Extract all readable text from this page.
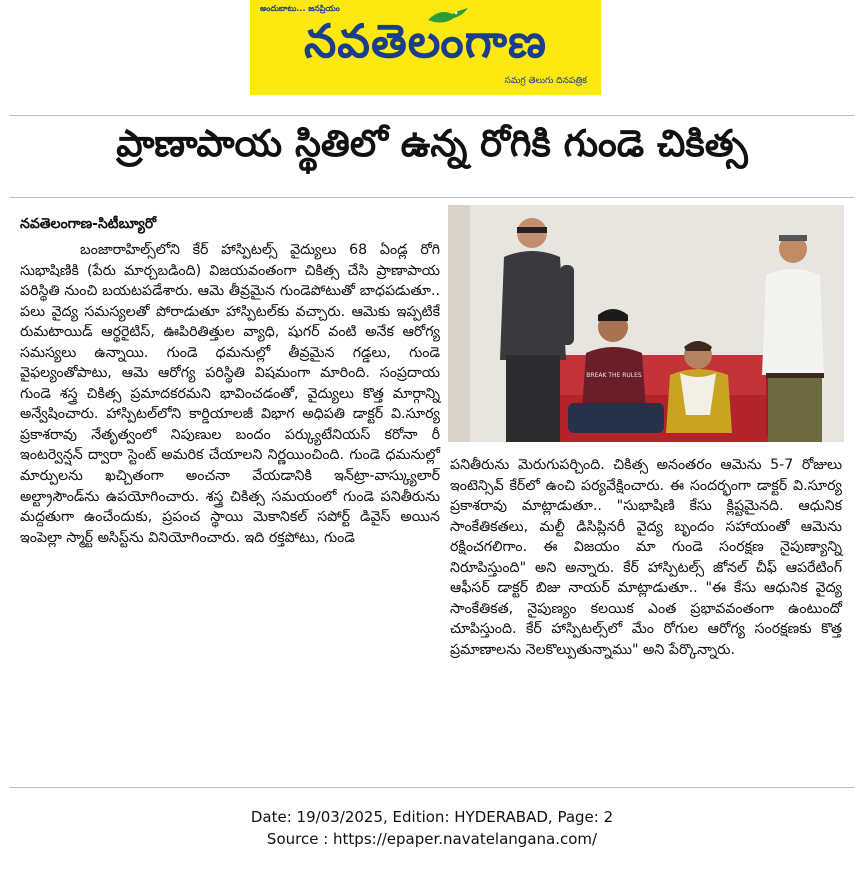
అందుబాటు... జనప్రియం
నవతెలంగాణ
సమగ్ర తెలుగు దినపత్రిక
ప్రాణాపాయ స్థితిలో ఉన్న రోగికి గుండె చికిత్స
నవతెలంగాణ-సిటీబ్యూరో

బంజారాహిల్స్‌లోని కేర్ హాస్పిటల్స్ వైద్యులు 68 ఏండ్ల రోగి సుభాషిణికి (పేరు మార్చబడింది) విజయవంతంగా చికిత్స చేసి ప్రాణాపాయ పరిస్థితి నుంచి బయటపడేశారు. ఆమె తీవ్రమైన గుండెపోటుతో బాధపడుతూ.. పలు వైద్య సమస్యలతో పోరాడుతూ హాస్పిటల్‌కు వచ్చారు. ఆమెకు ఇప్పటికే రుమటాయిడ్ ఆర్థరైటిస్, ఊపిరితిత్తుల వ్యాధి, షుగర్ వంటి అనేక ఆరోగ్య సమస్యలు ఉన్నాయి. గుండె ధమనుల్లో తీవ్రమైన గడ్డలు, గుండె వైఫల్యంతోపాటు, ఆమె ఆరోగ్య పరిస్థితి విషమంగా మారింది. సంప్రదాయ గుండె శస్త్ర చికిత్స ప్రమాదకరమని భావించడంతో, వైద్యులు కొత్త మార్గాన్ని అన్వేషించారు. హాస్పిటల్‌లోని కార్డియాలజీ విభాగ అధిపతి డాక్టర్ వి.సూర్య ప్రకాశరావు నేతృత్వంలో నిపుణుల బందం పర్క్యుటేనియస్ కరోనా రీ ఇంటర్వెన్షన్ ద్వారా స్టెంట్ అమరిక చేయాలని నిర్ణయించింది. గుండె ధమనుల్లో మార్పులను ఖచ్చితంగా అంచనా వేయడానికి ఇన్‌ట్రా-వాస్క్యులార్ అల్ట్రాసౌండ్‌ను ఉపయోగించారు. శస్త్ర చికిత్స సమయంలో గుండె పనితీరును మద్దతుగా ఉంచేందుకు, ప్రపంచ స్థాయి మెకానికల్ సపోర్ట్ డివైస్ అయిన ఇంపెల్లా స్మార్ట్ అసిస్ట్‌ను వినియోగించారు. ఇది రక్తపోటు, గుండె

BREAK THE RULES

పనితీరును మెరుగుపర్చింది. చికిత్స అనంతరం ఆమెను 5-7 రోజులు ఇంటెన్సివ్ కేర్‌లో ఉంచి పర్యవేక్షించారు. ఈ సందర్భంగా డాక్టర్ వి.సూర్య ప్రకాశరావు మాట్లాడుతూ.. "సుభాషిణి కేసు క్లిష్టమైనది. ఆధునిక సాంకేతికతలు, మల్టీ డిసిప్లినరీ వైద్య బృందం సహాయంతో ఆమెను రక్షించగలిగాం. ఈ విజయం మా గుండె సంరక్షణ నైపుణ్యాన్ని నిరూపిస్తుంది" అని అన్నారు. కేర్ హాస్పిటల్స్ జోనల్ చీఫ్ ఆపరేటింగ్ ఆఫీసర్ డాక్టర్ బిజు నాయర్ మాట్లాడుతూ.. "ఈ కేసు ఆధునిక వైద్య సాంకేతికత, నైపుణ్యం కలయిక ఎంత ప్రభావవంతంగా ఉంటుందో చూపిస్తుంది. కేర్ హాస్పిటల్స్‌లో మేం రోగుల ఆరోగ్య సంరక్షణకు కొత్త ప్రమాణాలను నెలకొల్పుతున్నాము" అని పేర్కొన్నారు.

Date: 19/03/2025, Edition: HYDERABAD, Page: 2
Source : https://epaper.navatelangana.com/
